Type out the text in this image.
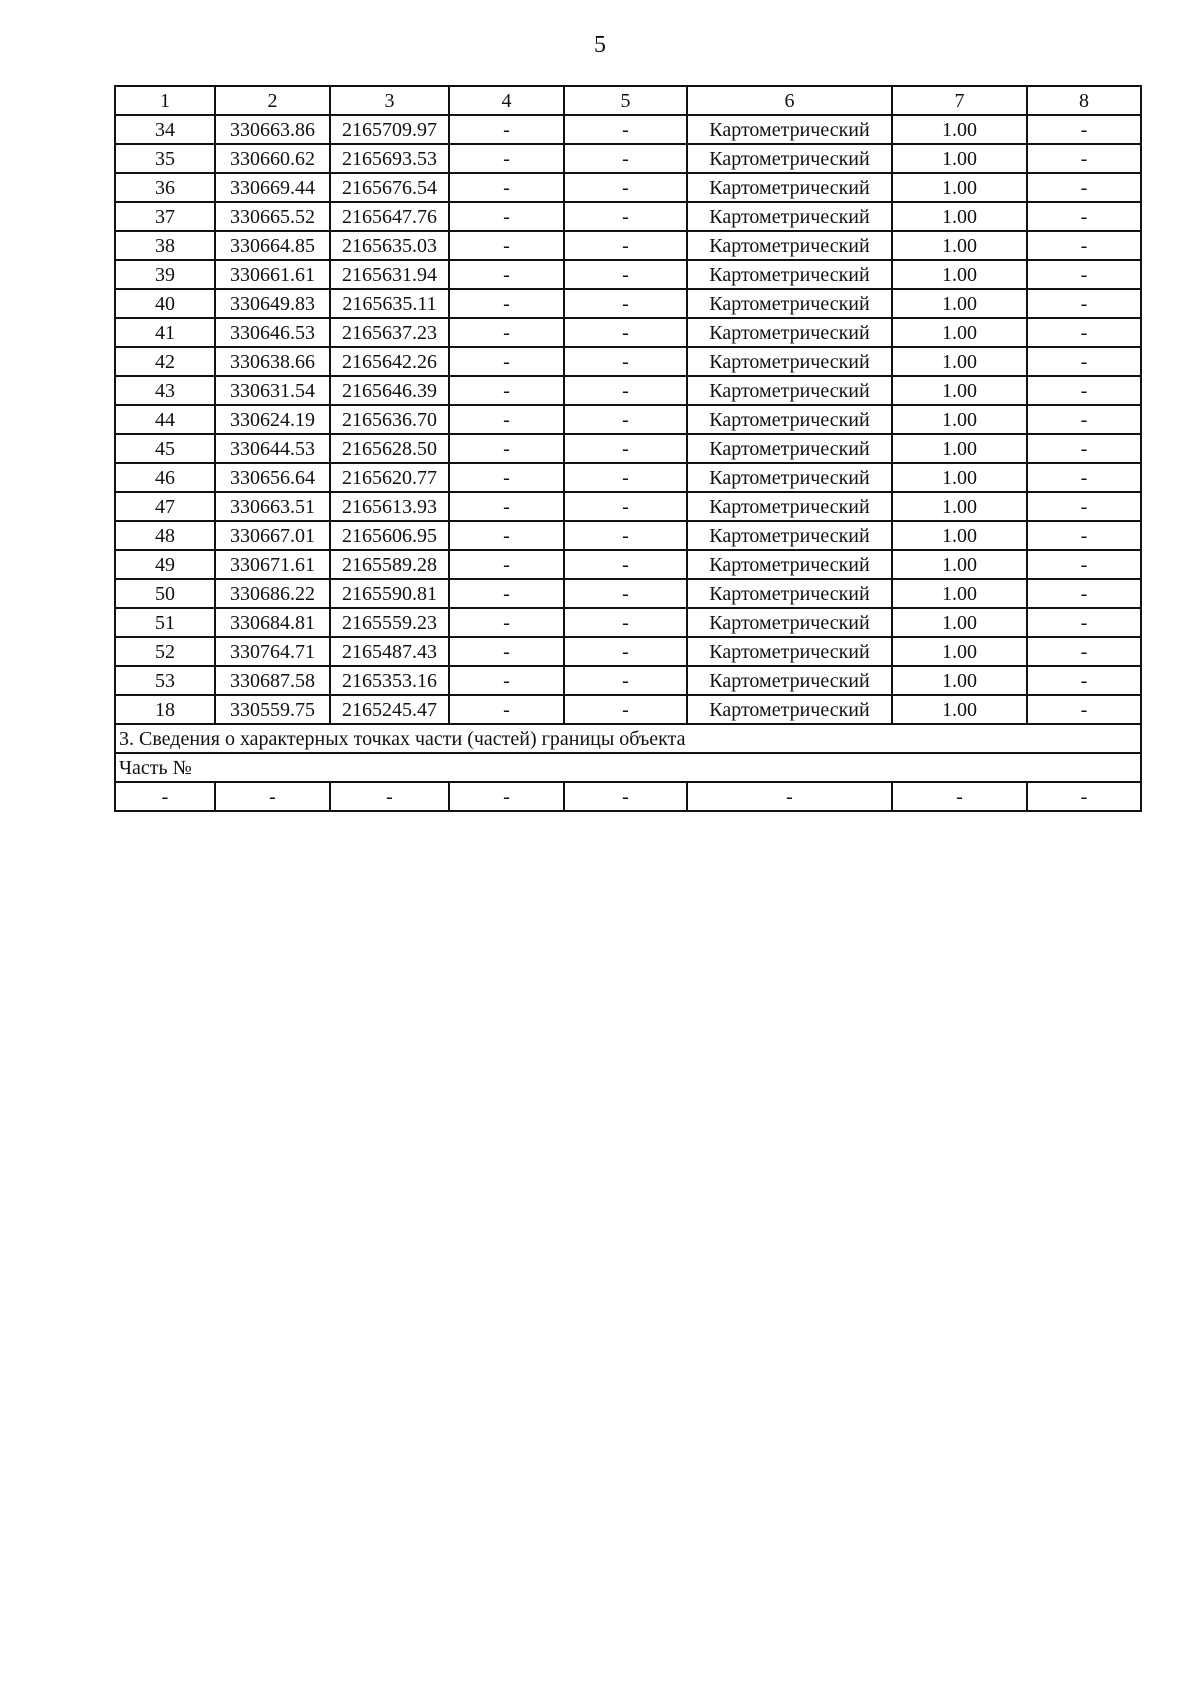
5
1	2	3	4	5	6	7	8
34	330663.86	2165709.97	-	-	Картометрический	1.00	-
35	330660.62	2165693.53	-	-	Картометрический	1.00	-
36	330669.44	2165676.54	-	-	Картометрический	1.00	-
37	330665.52	2165647.76	-	-	Картометрический	1.00	-
38	330664.85	2165635.03	-	-	Картометрический	1.00	-
39	330661.61	2165631.94	-	-	Картометрический	1.00	-
40	330649.83	2165635.11	-	-	Картометрический	1.00	-
41	330646.53	2165637.23	-	-	Картометрический	1.00	-
42	330638.66	2165642.26	-	-	Картометрический	1.00	-
43	330631.54	2165646.39	-	-	Картометрический	1.00	-
44	330624.19	2165636.70	-	-	Картометрический	1.00	-
45	330644.53	2165628.50	-	-	Картометрический	1.00	-
46	330656.64	2165620.77	-	-	Картометрический	1.00	-
47	330663.51	2165613.93	-	-	Картометрический	1.00	-
48	330667.01	2165606.95	-	-	Картометрический	1.00	-
49	330671.61	2165589.28	-	-	Картометрический	1.00	-
50	330686.22	2165590.81	-	-	Картометрический	1.00	-
51	330684.81	2165559.23	-	-	Картометрический	1.00	-
52	330764.71	2165487.43	-	-	Картометрический	1.00	-
53	330687.58	2165353.16	-	-	Картометрический	1.00	-
18	330559.75	2165245.47	-	-	Картометрический	1.00	-
3. Сведения о характерных точках части (частей) границы объекта							
Часть №							
-	-	-	-	-	-	-	-
